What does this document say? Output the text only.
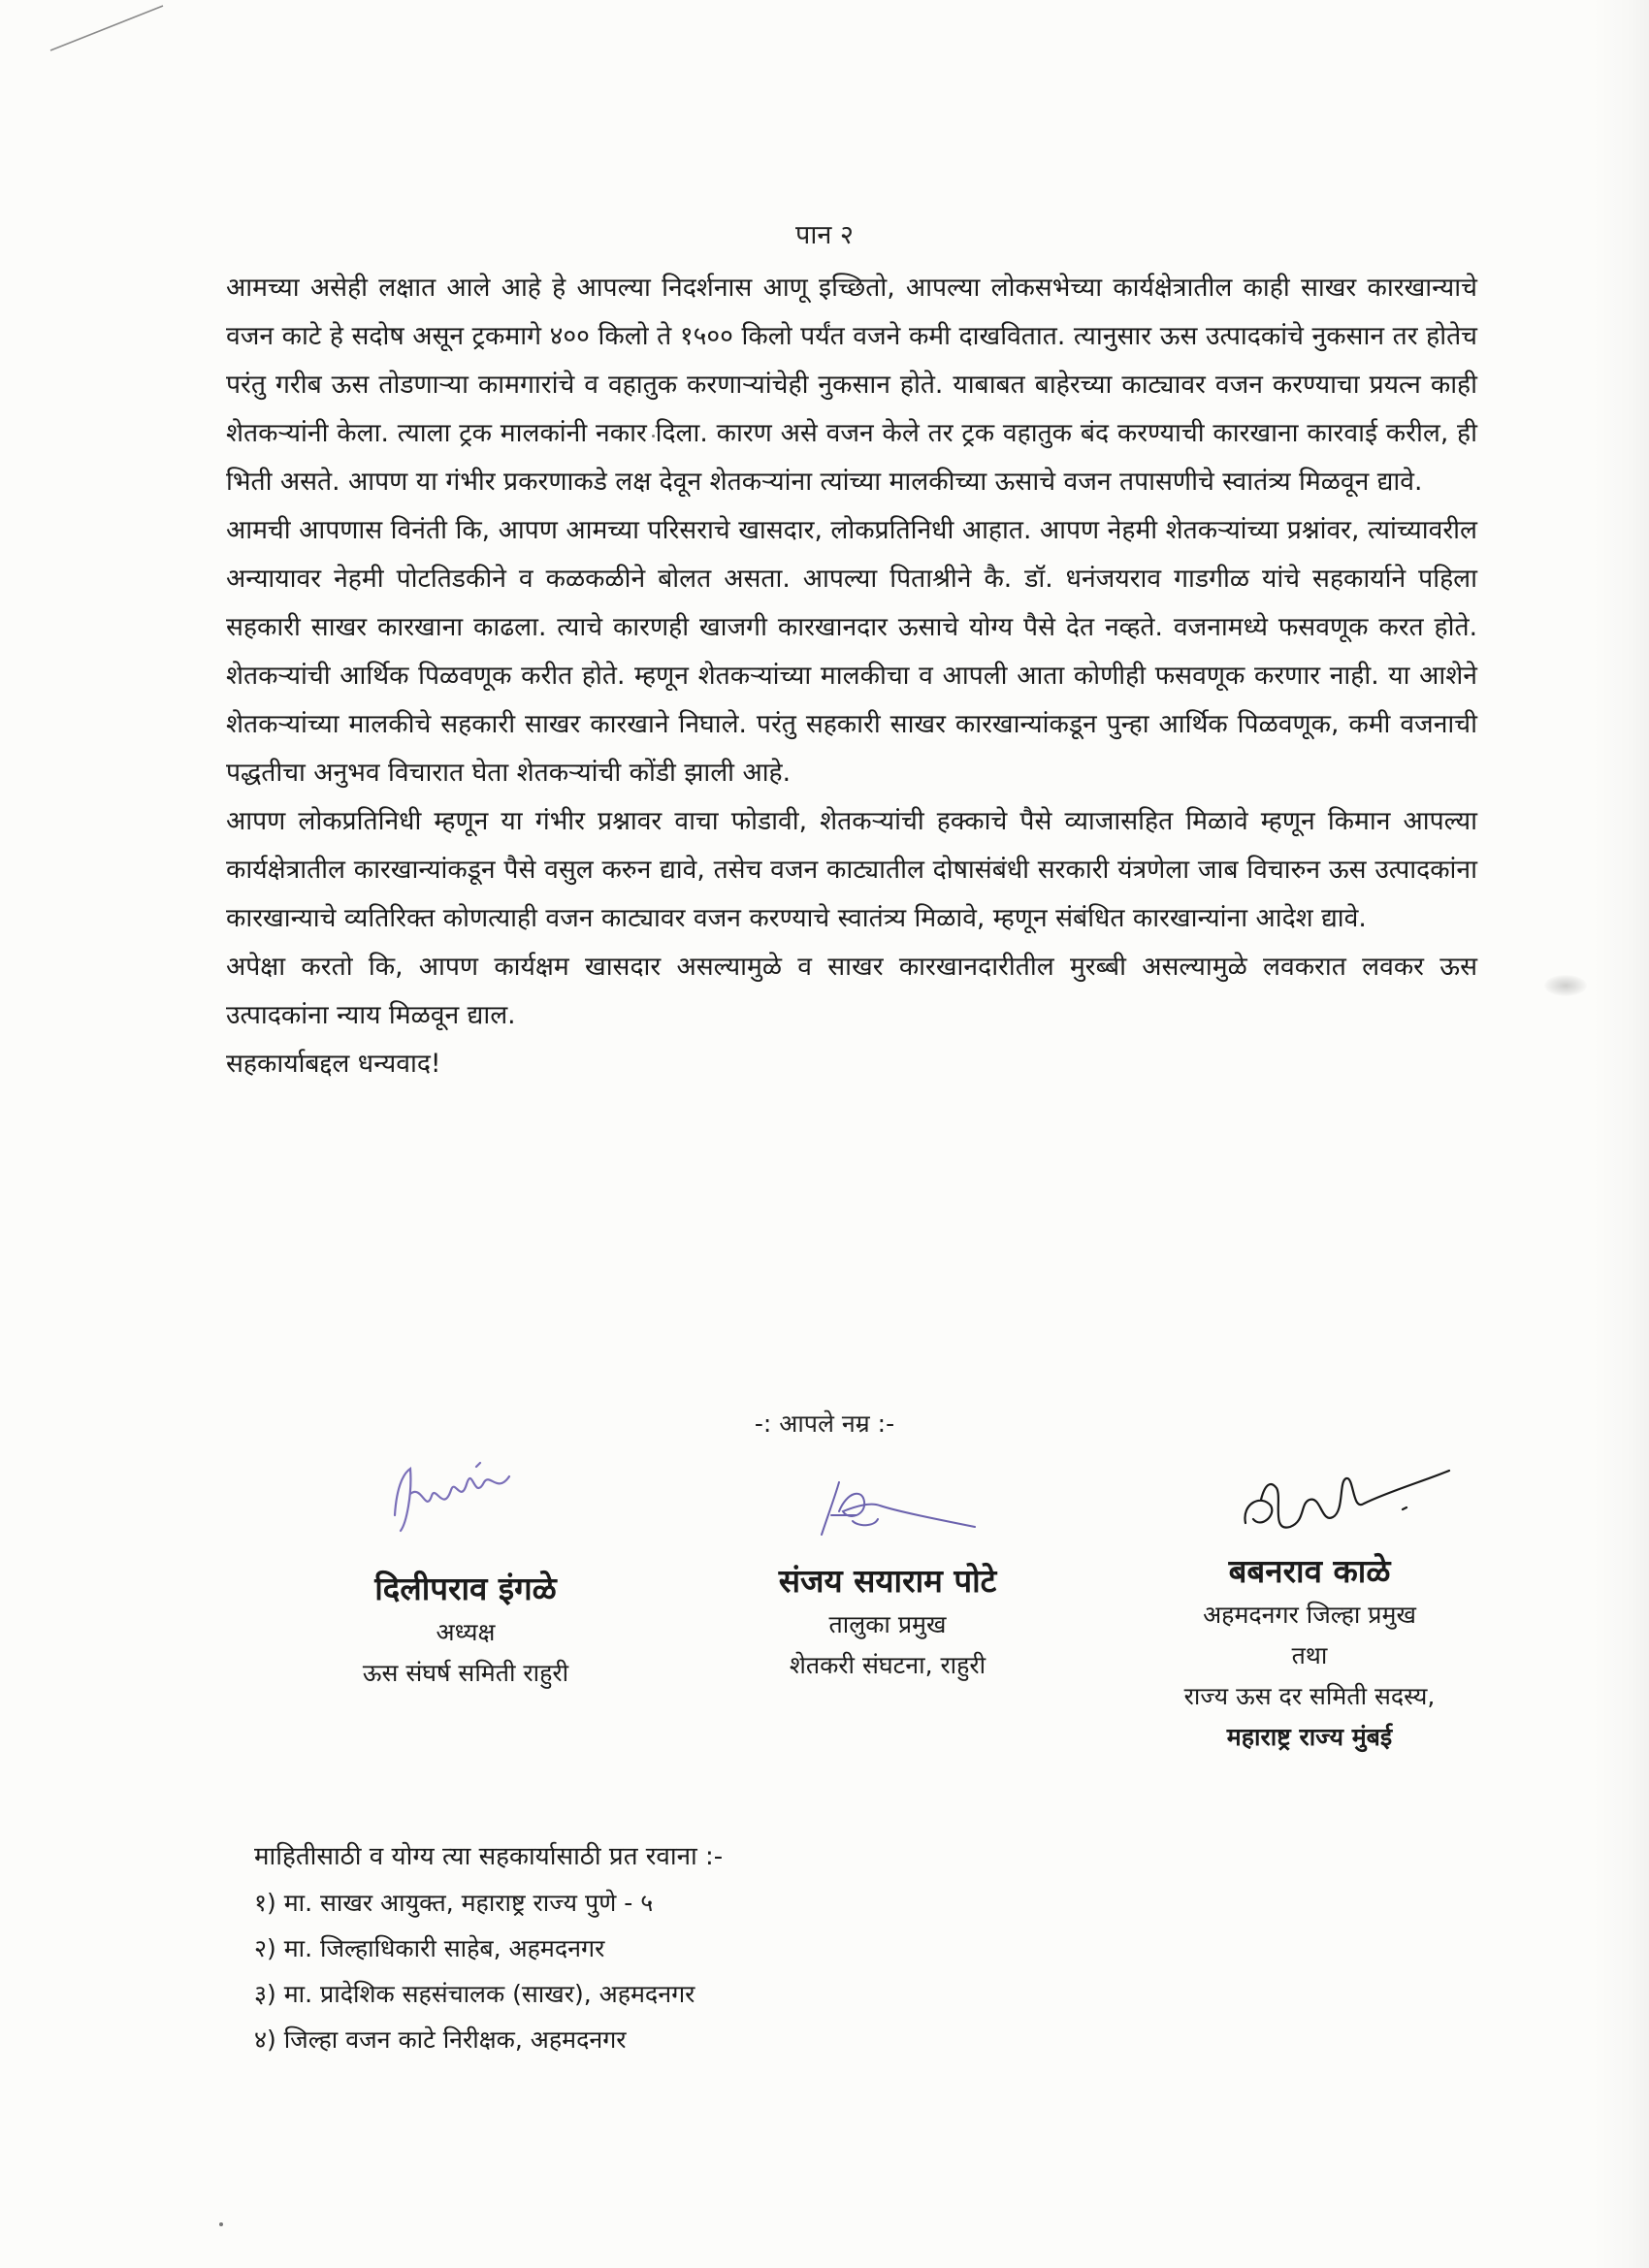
पान २

आमच्या असेही लक्षात आले आहे हे आपल्या निदर्शनास आणू इच्छितो, आपल्या लोकसभेच्या कार्यक्षेत्रातील काही साखर कारखान्याचे वजन काटे हे सदोष असून ट्रकमागे ४०० किलो ते १५०० किलो पर्यंत वजने कमी दाखवितात. त्यानुसार ऊस उत्पादकांचे नुकसान तर होतेच परंतु गरीब ऊस तोडणाऱ्या कामगारांचे व वहातुक करणाऱ्यांचेही नुकसान होते. याबाबत बाहेरच्या काट्यावर वजन करण्याचा प्रयत्न काही शेतकऱ्यांनी केला. त्याला ट्रक मालकांनी नकार दिला. कारण असे वजन केले तर ट्रक वहातुक बंद करण्याची कारखाना कारवाई करील, ही भिती असते. आपण या गंभीर प्रकरणाकडे लक्ष देवून शेतकऱ्यांना त्यांच्या मालकीच्या ऊसाचे वजन तपासणीचे स्वातंत्र्य मिळवून द्यावे.

आमची आपणास विनंती कि, आपण आमच्या परिसराचे खासदार, लोकप्रतिनिधी आहात. आपण नेहमी शेतकऱ्यांच्या प्रश्नांवर, त्यांच्यावरील अन्यायावर नेहमी पोटतिडकीने व कळकळीने बोलत असता. आपल्या पिताश्रीने कै. डॉ. धनंजयराव गाडगीळ यांचे सहकार्याने पहिला सहकारी साखर कारखाना काढला. त्याचे कारणही खाजगी कारखानदार ऊसाचे योग्य पैसे देत नव्हते. वजनामध्ये फसवणूक करत होते. शेतकऱ्यांची आर्थिक पिळवणूक करीत होते. म्हणून शेतकऱ्यांच्या मालकीचा व आपली आता कोणीही फसवणूक करणार नाही. या आशेने शेतकऱ्यांच्या मालकीचे सहकारी साखर कारखाने निघाले. परंतु सहकारी साखर कारखान्यांकडून पुन्हा आर्थिक पिळवणूक, कमी वजनाची पद्धतीचा अनुभव विचारात घेता शेतकऱ्यांची कोंडी झाली आहे.

आपण लोकप्रतिनिधी म्हणून या गंभीर प्रश्नावर वाचा फोडावी, शेतकऱ्यांची हक्काचे पैसे व्याजासहित मिळावे म्हणून किमान आपल्या कार्यक्षेत्रातील कारखान्यांकडून पैसे वसुल करुन द्यावे, तसेच वजन काट्यातील दोषासंबंधी सरकारी यंत्रणेला जाब विचारुन ऊस उत्पादकांना कारखान्याचे व्यतिरिक्त कोणत्याही वजन काट्यावर वजन करण्याचे स्वातंत्र्य मिळावे, म्हणून संबंधित कारखान्यांना आदेश द्यावे.

अपेक्षा करतो कि, आपण कार्यक्षम खासदार असल्यामुळे व साखर कारखानदारीतील मुरब्बी असल्यामुळे लवकरात लवकर ऊस उत्पादकांना न्याय मिळवून द्याल.

सहकार्याबद्दल धन्यवाद!

-: आपले नम्र :-
दिलीपराव इंगळे
अध्यक्ष
ऊस संघर्ष समिती राहुरी
संजय सयाराम पोटे
तालुका प्रमुख
शेतकरी संघटना, राहुरी
बबनराव काळे
अहमदनगर जिल्हा प्रमुख
तथा
राज्य ऊस दर समिती सदस्य,
महाराष्ट्र राज्य मुंबई
माहितीसाठी व योग्य त्या सहकार्यासाठी प्रत रवाना :-
१) मा. साखर आयुक्त, महाराष्ट्र राज्य पुणे - ५
२) मा. जिल्हाधिकारी साहेब, अहमदनगर
३) मा. प्रादेशिक सहसंचालक (साखर), अहमदनगर
४) जिल्हा वजन काटे निरीक्षक, अहमदनगर
